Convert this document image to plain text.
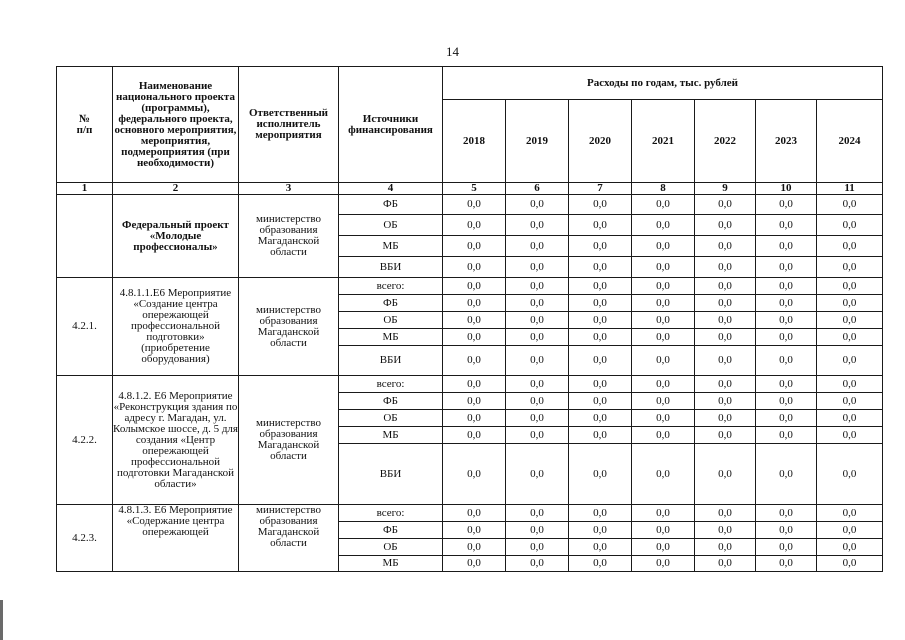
14
№
п/п	Наименование национального проекта (программы), федерального проекта, основного мероприятия, мероприятия, подмероприятия (при необходимости)	Ответственный исполнитель мероприятия	Источники финансирования	Расходы по годам, тыс. рублей						
				2018	2019	2020	2021	2022	2023	2024
1	2	3	4	5	6	7	8	9	10	11
	Федеральный проект «Молодые профессионалы»	министерство образования Магаданской области	ФБ	0,0	0,0	0,0	0,0	0,0	0,0	0,0
			ОБ	0,0	0,0	0,0	0,0	0,0	0,0	0,0
			МБ	0,0	0,0	0,0	0,0	0,0	0,0	0,0
			ВБИ	0,0	0,0	0,0	0,0	0,0	0,0	0,0
4.2.1.	4.8.1.1.Е6 Мероприятие «Создание центра опережающей профессиональной подготовки» (приобретение оборудования)	министерство образования Магаданской области	всего:	0,0	0,0	0,0	0,0	0,0	0,0	0,0
			ФБ	0,0	0,0	0,0	0,0	0,0	0,0	0,0
			ОБ	0,0	0,0	0,0	0,0	0,0	0,0	0,0
			МБ	0,0	0,0	0,0	0,0	0,0	0,0	0,0
			ВБИ	0,0	0,0	0,0	0,0	0,0	0,0	0,0
4.2.2.	4.8.1.2. Е6 Мероприятие «Реконструкция здания по адресу г. Магадан, ул. Колымское шоссе, д. 5 для создания «Центр опережающей профессиональной подготовки Магаданской области»	министерство образования Магаданской области	всего:	0,0	0,0	0,0	0,0	0,0	0,0	0,0
			ФБ	0,0	0,0	0,0	0,0	0,0	0,0	0,0
			ОБ	0,0	0,0	0,0	0,0	0,0	0,0	0,0
			МБ	0,0	0,0	0,0	0,0	0,0	0,0	0,0
			ВБИ	0,0	0,0	0,0	0,0	0,0	0,0	0,0
4.2.3.	4.8.1.3. Е6 Мероприятие «Содержание центра опережающей	министерство образования Магаданской области	всего:	0,0	0,0	0,0	0,0	0,0	0,0	0,0
			ФБ	0,0	0,0	0,0	0,0	0,0	0,0	0,0
			ОБ	0,0	0,0	0,0	0,0	0,0	0,0	0,0
			МБ	0,0	0,0	0,0	0,0	0,0	0,0	0,0
